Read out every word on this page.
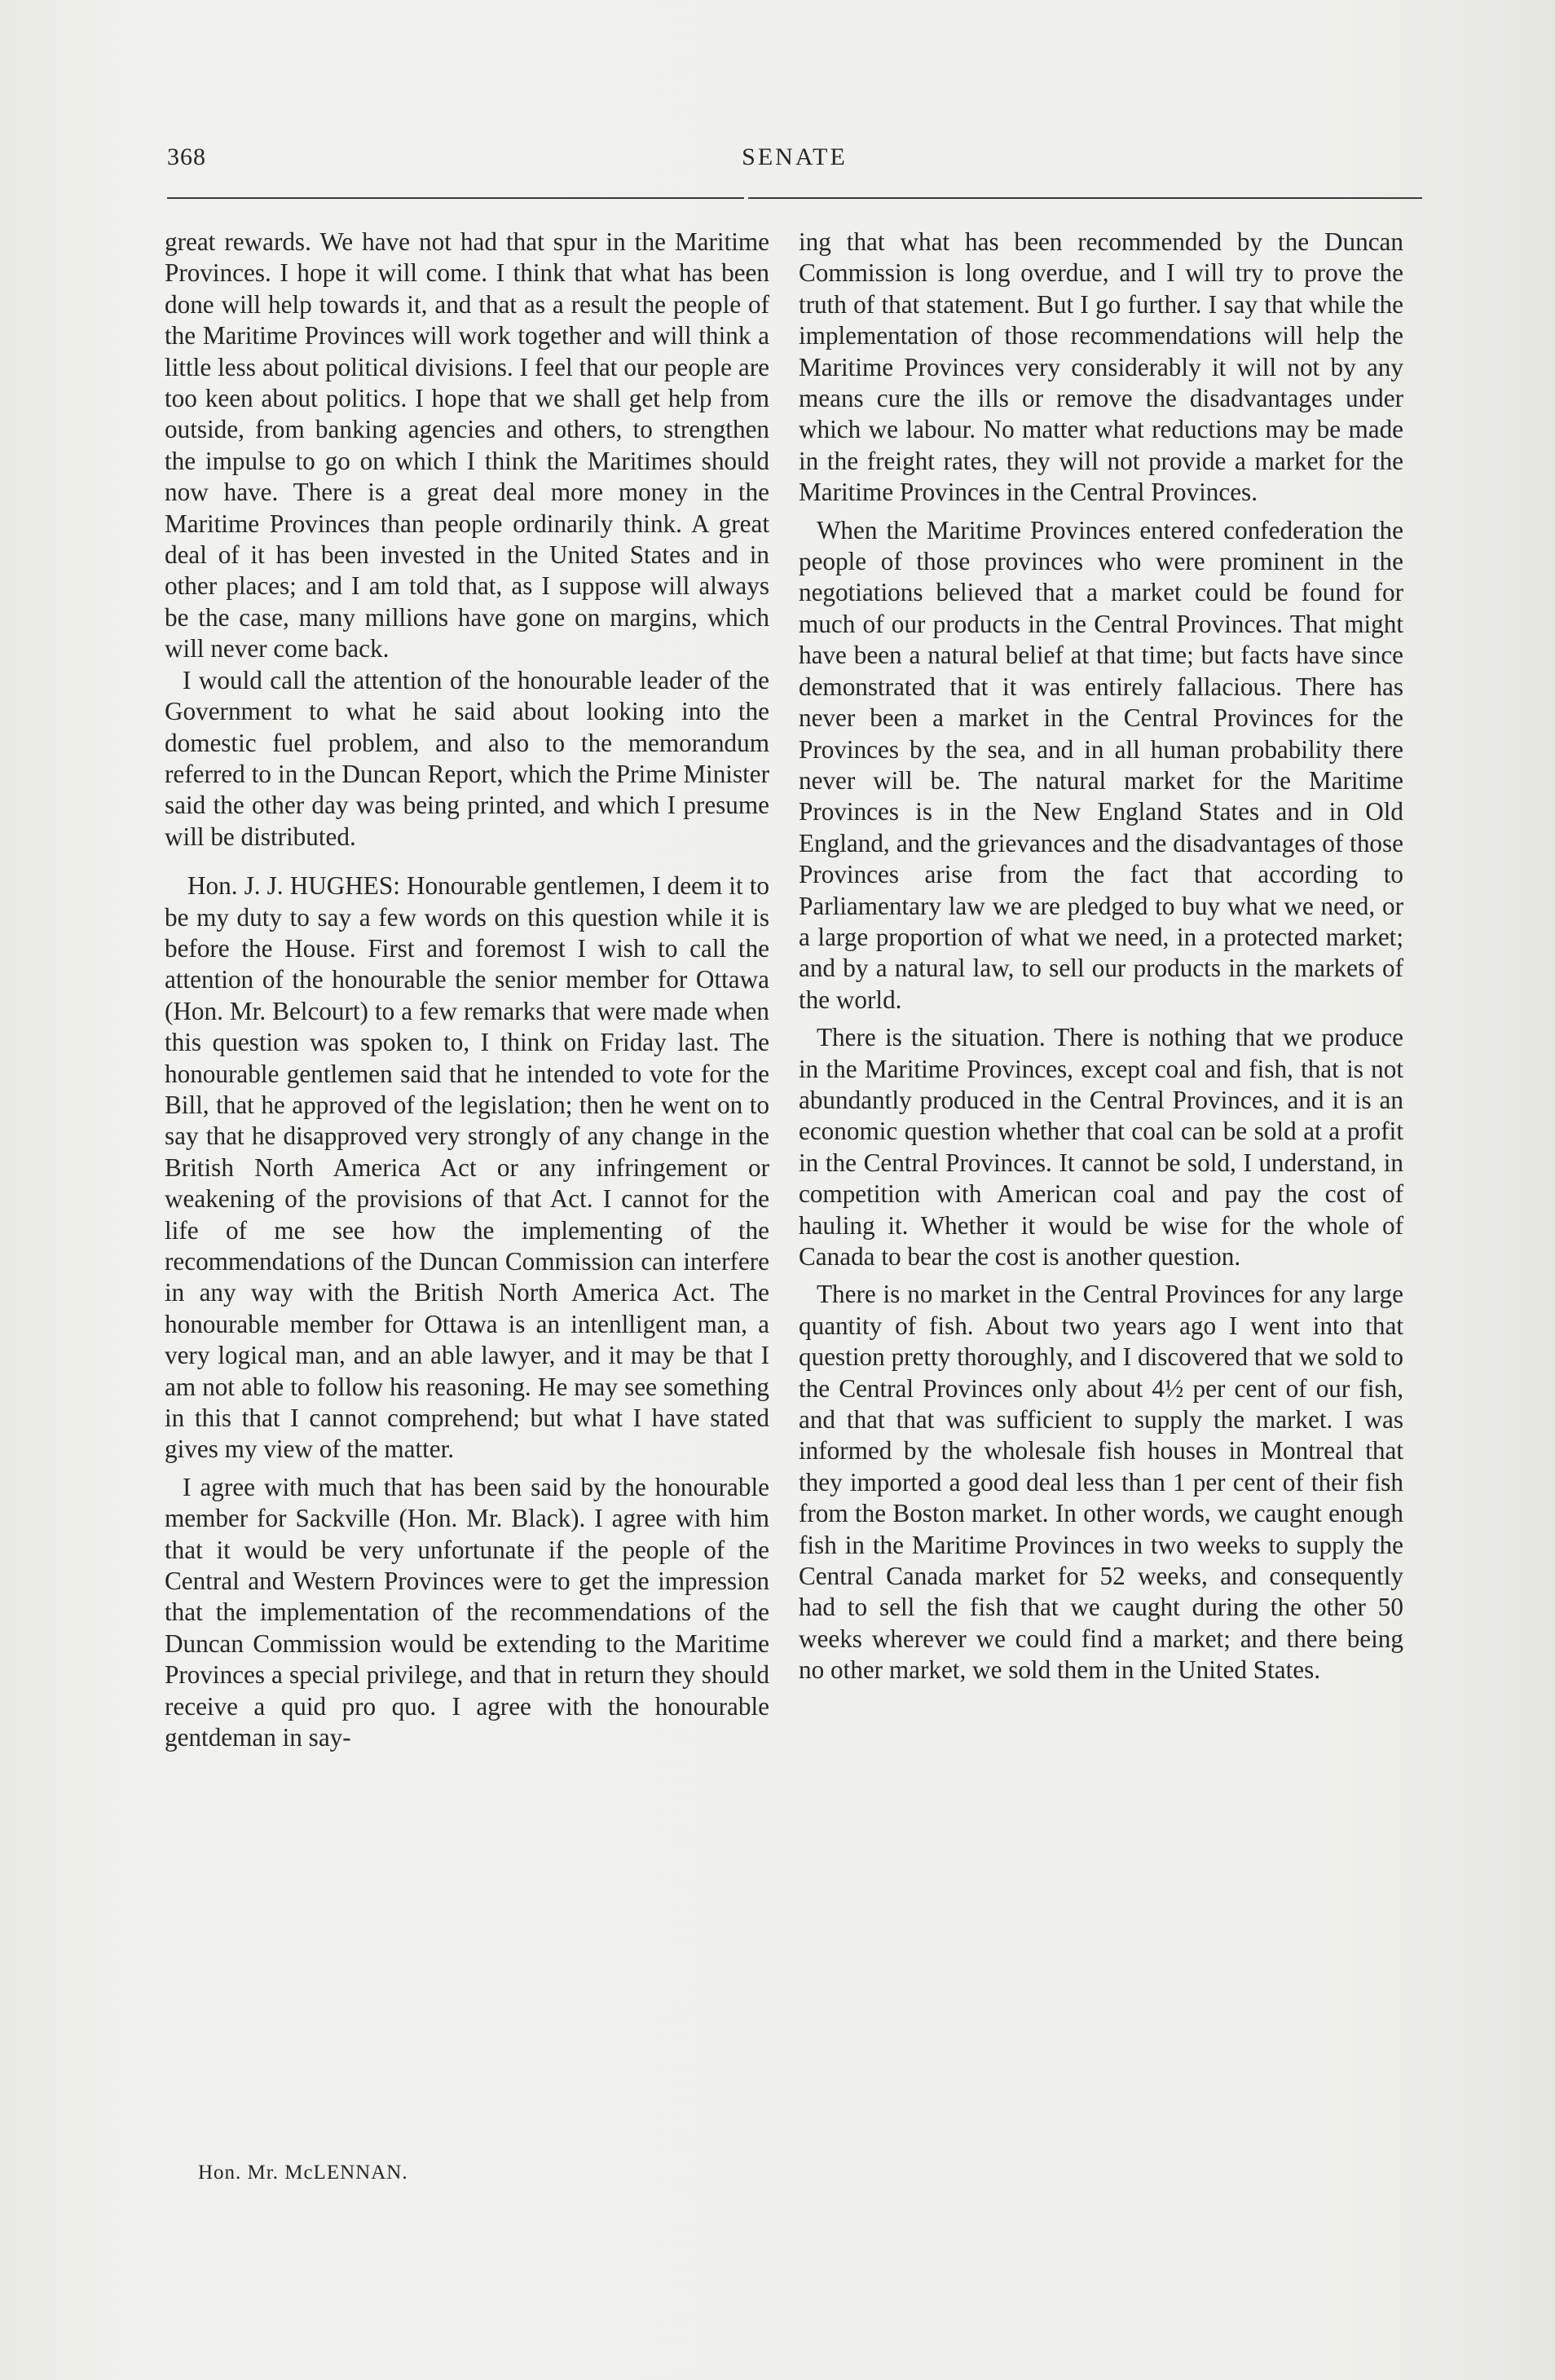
368	SENATE

great rewards. We have not had that spur in the Maritime Provinces. I hope it will come. I think that what has been done will help towards it, and that as a result the people of the Maritime Provinces will work together and will think a little less about political divisions. I feel that our people are too keen about politics. I hope that we shall get help from outside, from banking agencies and others, to strengthen the impulse to go on which I think the Maritimes should now have. There is a great deal more money in the Maritime Provinces than people ordinarily think. A great deal of it has been invested in the United States and in other places; and I am told that, as I suppose will always be the case, many millions have gone on margins, which will never come back.

I would call the attention of the honourable leader of the Government to what he said about looking into the domestic fuel problem, and also to the memorandum referred to in the Duncan Report, which the Prime Minister said the other day was being printed, and which I presume will be distributed.

Hon. J. J. HUGHES: Honourable gentlemen, I deem it to be my duty to say a few words on this question while it is before the House. First and foremost I wish to call the attention of the honourable the senior member for Ottawa (Hon. Mr. Belcourt) to a few remarks that were made when this question was spoken to, I think on Friday last. The honourable gentlemen said that he intended to vote for the Bill, that he approved of the legislation; then he went on to say that he disapproved very strongly of any change in the British North America Act or any infringement or weakening of the provisions of that Act. I cannot for the life of me see how the implementing of the recommendations of the Duncan Commission can interfere in any way with the British North America Act. The honourable member for Ottawa is an intenlligent man, a very logical man, and an able lawyer, and it may be that I am not able to follow his reasoning. He may see something in this that I cannot comprehend; but what I have stated gives my view of the matter.

I agree with much that has been said by the honourable member for Sackville (Hon. Mr. Black). I agree with him that it would be very unfortunate if the people of the Central and Western Provinces were to get the impression that the implementation of the recommendations of the Duncan Commission would be extending to the Maritime Provinces a special privilege, and that in return they should receive a quid pro quo. I agree with the honourable gentdeman in say-

ing that what has been recommended by the Duncan Commission is long overdue, and I will try to prove the truth of that statement. But I go further. I say that while the implementation of those recommendations will help the Maritime Provinces very considerably it will not by any means cure the ills or remove the disadvantages under which we labour. No matter what reductions may be made in the freight rates, they will not provide a market for the Maritime Provinces in the Central Provinces.

When the Maritime Provinces entered confederation the people of those provinces who were prominent in the negotiations believed that a market could be found for much of our products in the Central Provinces. That might have been a natural belief at that time; but facts have since demonstrated that it was entirely fallacious. There has never been a market in the Central Provinces for the Provinces by the sea, and in all human probability there never will be. The natural market for the Maritime Provinces is in the New England States and in Old England, and the grievances and the disadvantages of those Provinces arise from the fact that according to Parliamentary law we are pledged to buy what we need, or a large proportion of what we need, in a protected market; and by a natural law, to sell our products in the markets of the world.

There is the situation. There is nothing that we produce in the Maritime Provinces, except coal and fish, that is not abundantly produced in the Central Provinces, and it is an economic question whether that coal can be sold at a profit in the Central Provinces. It cannot be sold, I understand, in competition with American coal and pay the cost of hauling it. Whether it would be wise for the whole of Canada to bear the cost is another question.

There is no market in the Central Provinces for any large quantity of fish. About two years ago I went into that question pretty thoroughly, and I discovered that we sold to the Central Provinces only about 4½ per cent of our fish, and that that was sufficient to supply the market. I was informed by the wholesale fish houses in Montreal that they imported a good deal less than 1 per cent of their fish from the Boston market. In other words, we caught enough fish in the Maritime Provinces in two weeks to supply the Central Canada market for 52 weeks, and consequently had to sell the fish that we caught during the other 50 weeks wherever we could find a market; and there being no other market, we sold them in the United States.

Hon. Mr. McLENNAN.
